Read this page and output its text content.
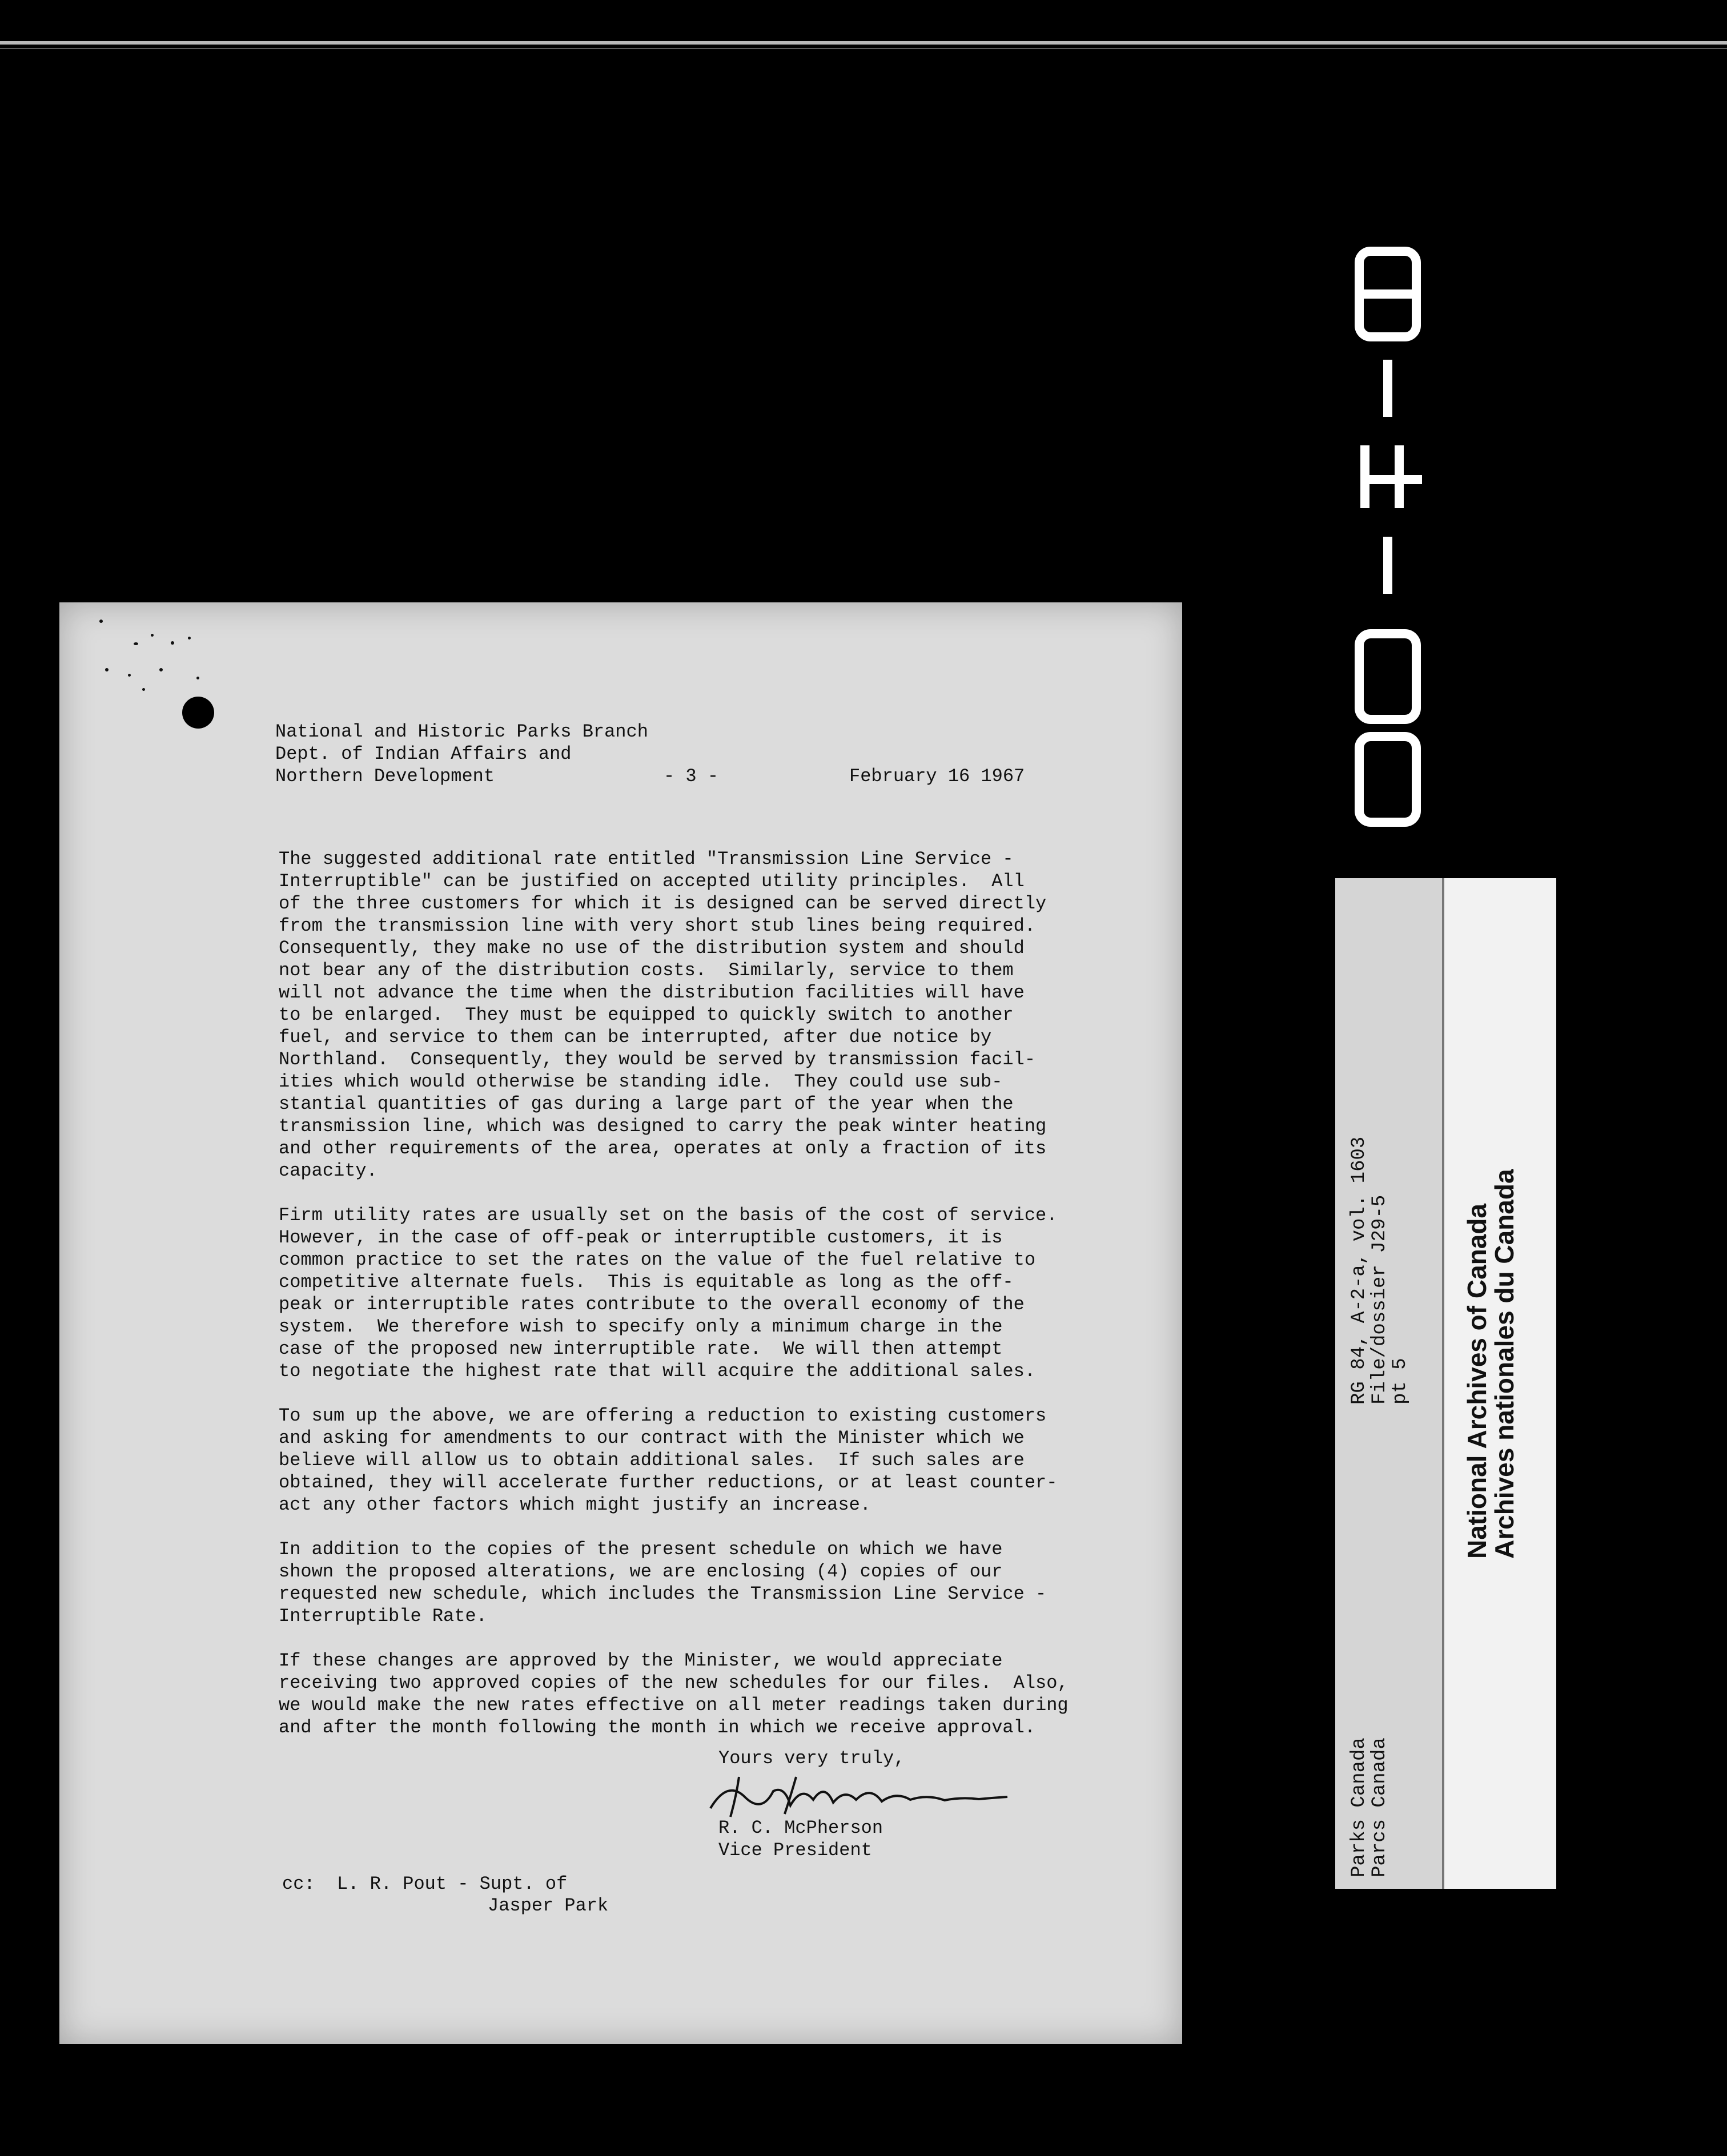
National and Historic Parks Branch
Dept. of Indian Affairs and
Northern Development	- 3 -	February 16 1967
The suggested additional rate entitled "Transmission Line Service -
Interruptible" can be justified on accepted utility principles.  All
of the three customers for which it is designed can be served directly
from the transmission line with very short stub lines being required.
Consequently, they make no use of the distribution system and should
not bear any of the distribution costs.  Similarly, service to them
will not advance the time when the distribution facilities will have
to be enlarged.  They must be equipped to quickly switch to another
fuel, and service to them can be interrupted, after due notice by
Northland.  Consequently, they would be served by transmission facil-
ities which would otherwise be standing idle.  They could use sub-
stantial quantities of gas during a large part of the year when the
transmission line, which was designed to carry the peak winter heating
and other requirements of the area, operates at only a fraction of its
capacity.

Firm utility rates are usually set on the basis of the cost of service.
However, in the case of off-peak or interruptible customers, it is
common practice to set the rates on the value of the fuel relative to
competitive alternate fuels.  This is equitable as long as the off-
peak or interruptible rates contribute to the overall economy of the
system.  We therefore wish to specify only a minimum charge in the
case of the proposed new interruptible rate.  We will then attempt
to negotiate the highest rate that will acquire the additional sales.

To sum up the above, we are offering a reduction to existing customers
and asking for amendments to our contract with the Minister which we
believe will allow us to obtain additional sales.  If such sales are
obtained, they will accelerate further reductions, or at least counter-
act any other factors which might justify an increase.

In addition to the copies of the present schedule on which we have
shown the proposed alterations, we are enclosing (4) copies of our
requested new schedule, which includes the Transmission Line Service -
Interruptible Rate.

If these changes are approved by the Minister, we would appreciate
receiving two approved copies of the new schedules for our files.  Also,
we would make the new rates effective on all meter readings taken during
and after the month following the month in which we receive approval.
Yours very truly,
R. C. McPherson
Vice President
cc:  L. R. Pout - Supt. of
Jasper Park
RG 84, A-2-a, vol. 1603
File/dossier J29-5
pt 5
Parks Canada
Parcs Canada
National Archives of Canada
Archives nationales du Canada
